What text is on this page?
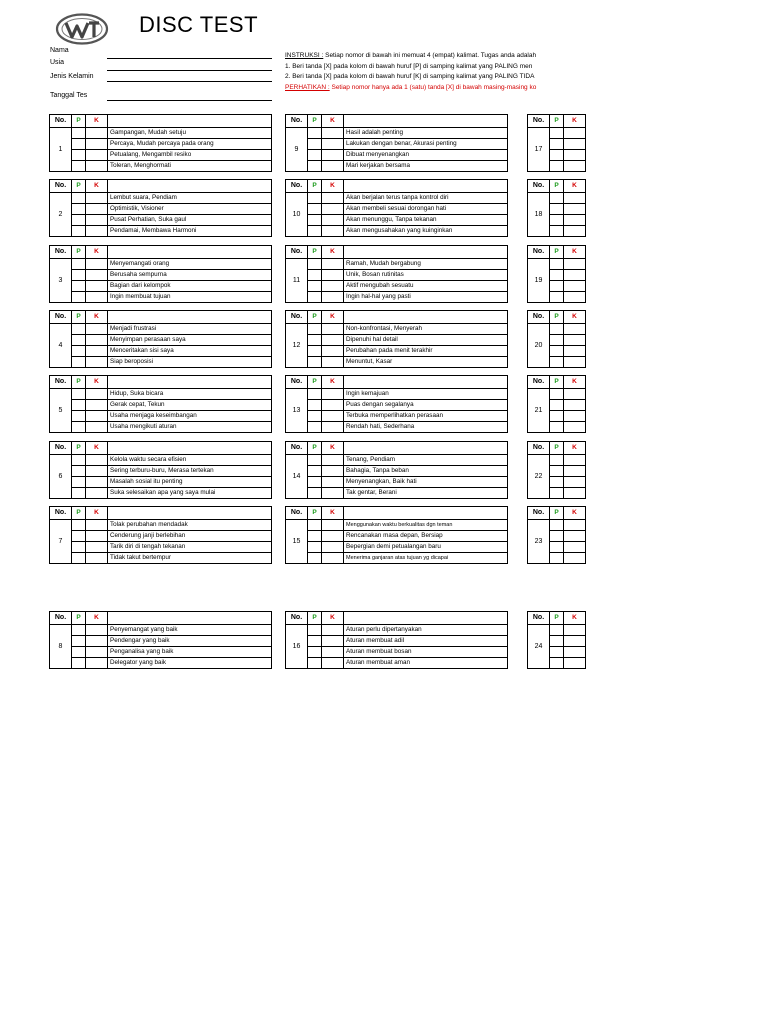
DISC TEST
Nama
Usia
Jenis Kelamin
Tanggal Tes
INSTRUKSI : Setiap nomor di bawah ini memuat 4 (empat) kalimat. Tugas anda adalah
1. Beri tanda [X] pada kolom di bawah huruf [P] di samping kalimat yang PALING men
2. Beri tanda [X] pada kolom di bawah huruf [K] di samping kalimat yang PALING TIDA
PERHATIKAN : Setiap nomor hanya ada 1 (satu) tanda [X] di bawah masing-masing ko
No.	P	K	
1			Gampangan, Mudah setuju
			Percaya, Mudah percaya pada orang
			Petualang, Mengambil resiko
			Toleran, Menghormati
No.	P	K	
2			Lembut suara, Pendiam
			Optimistik, Visioner
			Pusat Perhatian, Suka gaul
			Pendamai, Membawa Harmoni
No.	P	K	
3			Menyemangati orang
			Berusaha sempurna
			Bagian dari kelompok
			Ingin membuat tujuan
No.	P	K	
4			Menjadi frustrasi
			Menyimpan perasaan saya
			Menceritakan sisi saya
			Siap beroposisi
No.	P	K	
5			Hidup, Suka bicara
			Gerak cepat, Tekun
			Usaha menjaga keseimbangan
			Usaha mengikuti aturan
No.	P	K	
6			Kelola waktu secara efisien
			Sering terburu-buru, Merasa tertekan
			Masalah sosial itu penting
			Suka selesaikan apa yang saya mulai
No.	P	K	
7			Tolak perubahan mendadak
			Cenderung janji berlebihan
			Tarik diri di tengah tekanan
			Tidak takut bertempur
No.	P	K	
8			Penyemangat yang baik
			Pendengar yang baik
			Penganalisa yang baik
			Delegator yang baik
No.	P	K	
9			Hasil adalah penting
			Lakukan dengan benar, Akurasi penting
			Dibuat menyenangkan
			Mari kerjakan bersama
No.	P	K	
10			Akan berjalan terus tanpa kontrol diri
			Akan membeli sesuai dorongan hati
			Akan menunggu, Tanpa tekanan
			Akan mengusahakan yang kuinginkan
No.	P	K	
11			Ramah, Mudah bergabung
			Unik, Bosan rutinitas
			Aktif mengubah sesuatu
			Ingin hal-hal yang pasti
No.	P	K	
12			Non-konfrontasi, Menyerah
			Dipenuhi hal detail
			Perubahan pada menit terakhir
			Menuntut, Kasar
No.	P	K	
13			Ingin kemajuan
			Puas dengan segalanya
			Terbuka memperlihatkan perasaan
			Rendah hati, Sederhana
No.	P	K	
14			Tenang, Pendiam
			Bahagia, Tanpa beban
			Menyenangkan, Baik hati
			Tak gentar, Berani
No.	P	K	
15			Menggunakan waktu berkualitas dgn teman
			Rencanakan masa depan, Bersiap
			Bepergian demi petualangan baru
			Menerima ganjaran atas tujuan yg dicapai
No.	P	K	
16			Aturan perlu dipertanyakan
			Aturan membuat adil
			Aturan membuat bosan
			Aturan membuat aman
No.	P	K	
17			

No.	P	K	
18			

No.	P	K	
19			

No.	P	K	
20			

No.	P	K	
21			

No.	P	K	
22			

No.	P	K	
23			

No.	P	K	
24			
